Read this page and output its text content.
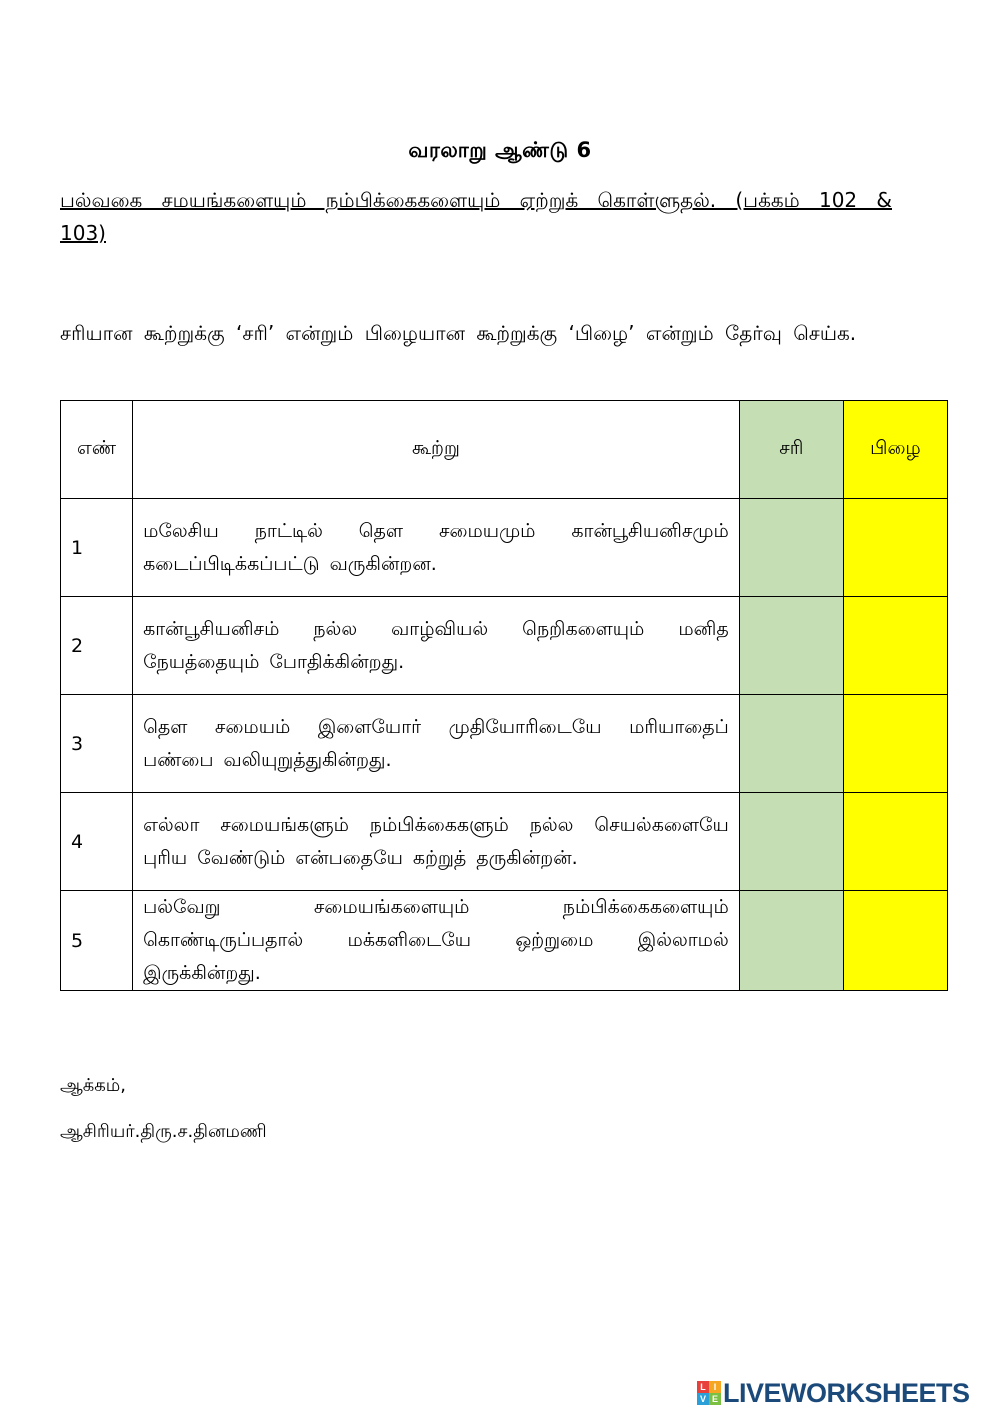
வரலாறு ஆண்டு 6
பல்வகை சமயங்களையும் நம்பிக்கைகளையும் ஏற்றுக் கொள்ளுதல். (பக்கம் 102 & 103)
சரியான கூற்றுக்கு ‘சரி’ என்றும் பிழையான கூற்றுக்கு ‘பிழை’ என்றும் தேர்வு செய்க.
எண்	கூற்று	சரி	பிழை
1	மலேசிய நாட்டில் தௌ சமையமும் கான்பூசியனிசமும் கடைப்பிடிக்கப்பட்டு வருகின்றன.		
2	கான்பூசியனிசம் நல்ல வாழ்வியல் நெறிகளையும் மனித நேயத்தையும் போதிக்கின்றது.		
3	தௌ சமையம் இளையோர் முதியோரிடையே மரியாதைப் பண்பை வலியுறுத்துகின்றது.		
4	எல்லா சமையங்களும் நம்பிக்கைகளும் நல்ல செயல்களையே புரிய வேண்டும் என்பதையே கற்றுத் தருகின்றன்.		
5	பல்வேறு சமையங்களையும் நம்பிக்கைகளையும் கொண்டிருப்பதால் மக்களிடையே ஒற்றுமை இல்லாமல் இருக்கின்றது.		
ஆக்கம்,
ஆசிரியர்.திரு.ச.தினமணி
L I
V E LIVEWORKSHEETS
